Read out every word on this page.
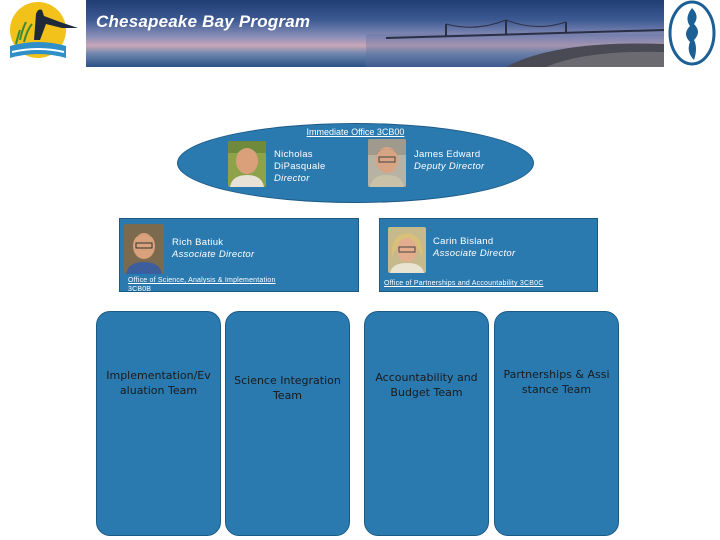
Chesapeake Bay Program
Immediate Office 3CB00
Nicholas
DiPasquale
Director
James Edward
Deputy Director
Rich Batiuk
Associate Director
Office of Science, Analysis & Implementation
3CB0B
Carin Bisland
Associate Director
Office of Partnerships and Accountability 3CB0C
Implementation/Evaluation Team
Science Integration Team
Accountability and Budget Team
Partnerships & Assistance Team
